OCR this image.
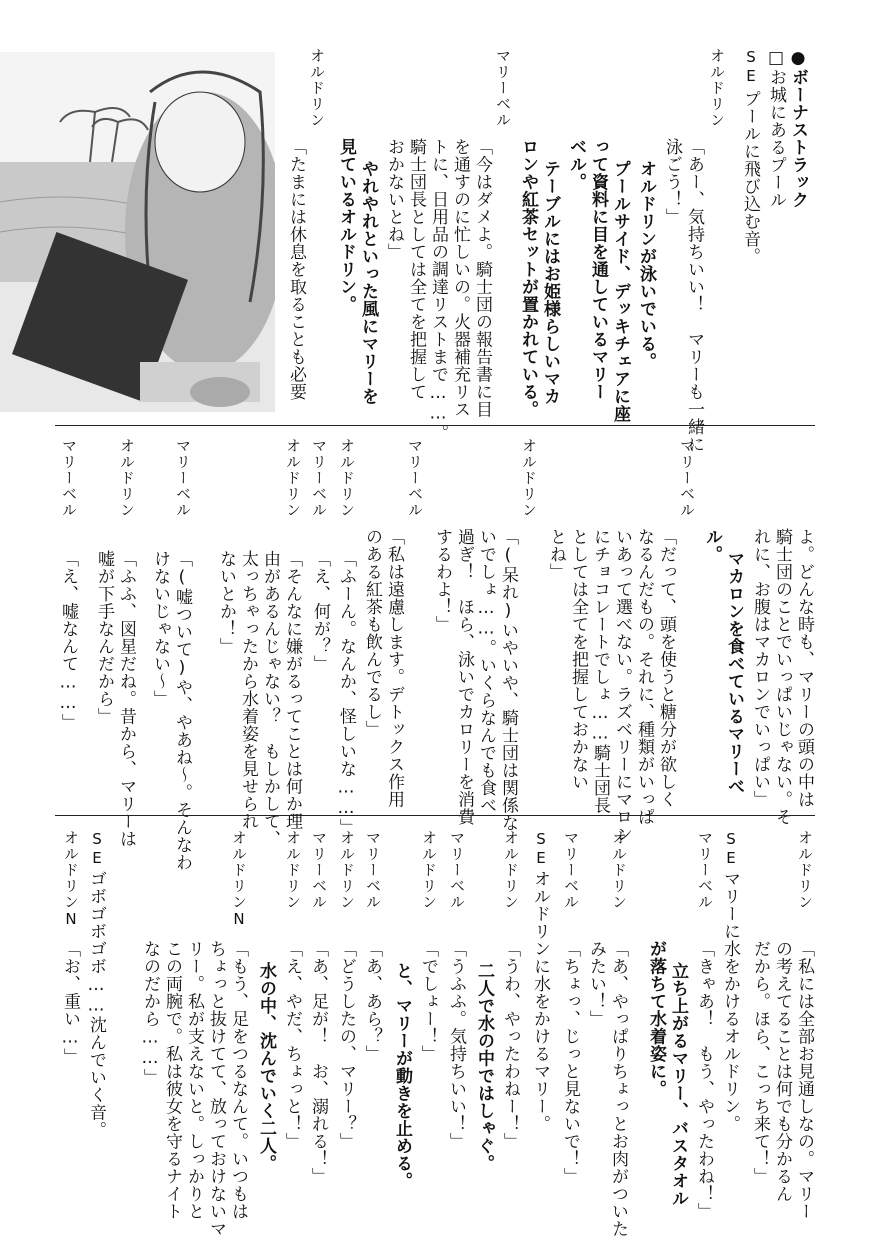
●ボーナストラック
□お城にあるプール
SE
プールに飛び込む音。
オルドリン
「あー、気持ちいい！　マリーも一緒に
泳ごう！」
オルドリンが泳いでいる。
プールサイド、デッキチェアに座
って資料に目を通しているマリー
ベル。
テーブルにはお姫様らしいマカ
ロンや紅茶セットが置かれている。
マリーベル
「今はダメよ。騎士団の報告書に目
を通すのに忙しいの。火器補充リス
トに、日用品の調達リストまで……。
騎士団長としては全てを把握して
おかないとね」
やれやれといった風にマリーを
見ているオルドリン。
オルドリン
「たまには休息を取ることも必要
よ。どんな時も、マリーの頭の中は
騎士団のことでいっぱいじゃない。そ
れに、お腹はマカロンでいっぱい」
マカロンを食べているマリーべ
ル。
マリーベル
「だって、頭を使うと糖分が欲しく
なるんだもの。それに、種類がいっぱ
いあって選べない。ラズベリーにマロン
にチョコレートでしょ……騎士団長
としては全てを把握しておかない
とね」
オルドリン
「(呆れ)いやいや、騎士団は関係な
いでしょ……。いくらなんでも食べ
過ぎ！　ほら、泳いでカロリーを消費
するわよ！」
マリーベル
「私は遠慮します。デトックス作用
のある紅茶も飲んでるし」
オルドリン
「ふーん。なんか、怪しいな……」
マリーベル
「え、何が？」
オルドリン
「そんなに嫌がるってことは何か理
由があるんじゃない？　もしかして、
太っちゃったから水着姿を見せられ
ないとか！」
マリーベル
「(嘘ついて)や、やあね～。そんなわ
けないじゃない～」
オルドリン
「ふふ、図星だね。昔から、マリーは
嘘が下手なんだから」
マリーベル
「え、嘘なんて……」
オルドリン
「私には全部お見通しなの。マリー
の考えてることは何でも分かるん
だから。ほら、こっち来て！」
SE
マリーに水をかけるオルドリン。
マリーベル
「きゃあ！　もう、やったわね！」
立ち上がるマリー、バスタオル
が落ちて水着姿に。
オルドリン
「あ、やっぱりちょっとお肉がついた
みたい！」
マリーベル
「ちょっ、じっと見ないで！」
SE
オルドリンに水をかけるマリー。
オルドリン
「うわ、やったわねー！」
二人で水の中ではしゃぐ。
マリーベル
「うふふ。気持ちいい！」
オルドリン
「でしょー！」
と、マリーが動きを止める。
マリーベル
「あ、あら？」
オルドリン
「どうしたの、マリー？」
マリーベル
「あ、足が！　お、溺れる！」
オルドリン
「え、やだ、ちょっと！」
水の中、沈んでいく二人。
オルドリンN
「もう、足をつるなんて。いつもは
ちょっと抜けてて、放っておけないマ
リー。私が支えないと。しっかりと
この両腕で。私は彼女を守るナイト
なのだから……」
SE
ゴボゴボゴボ……沈んでいく音。
オルドリンN
「お、重い…」
